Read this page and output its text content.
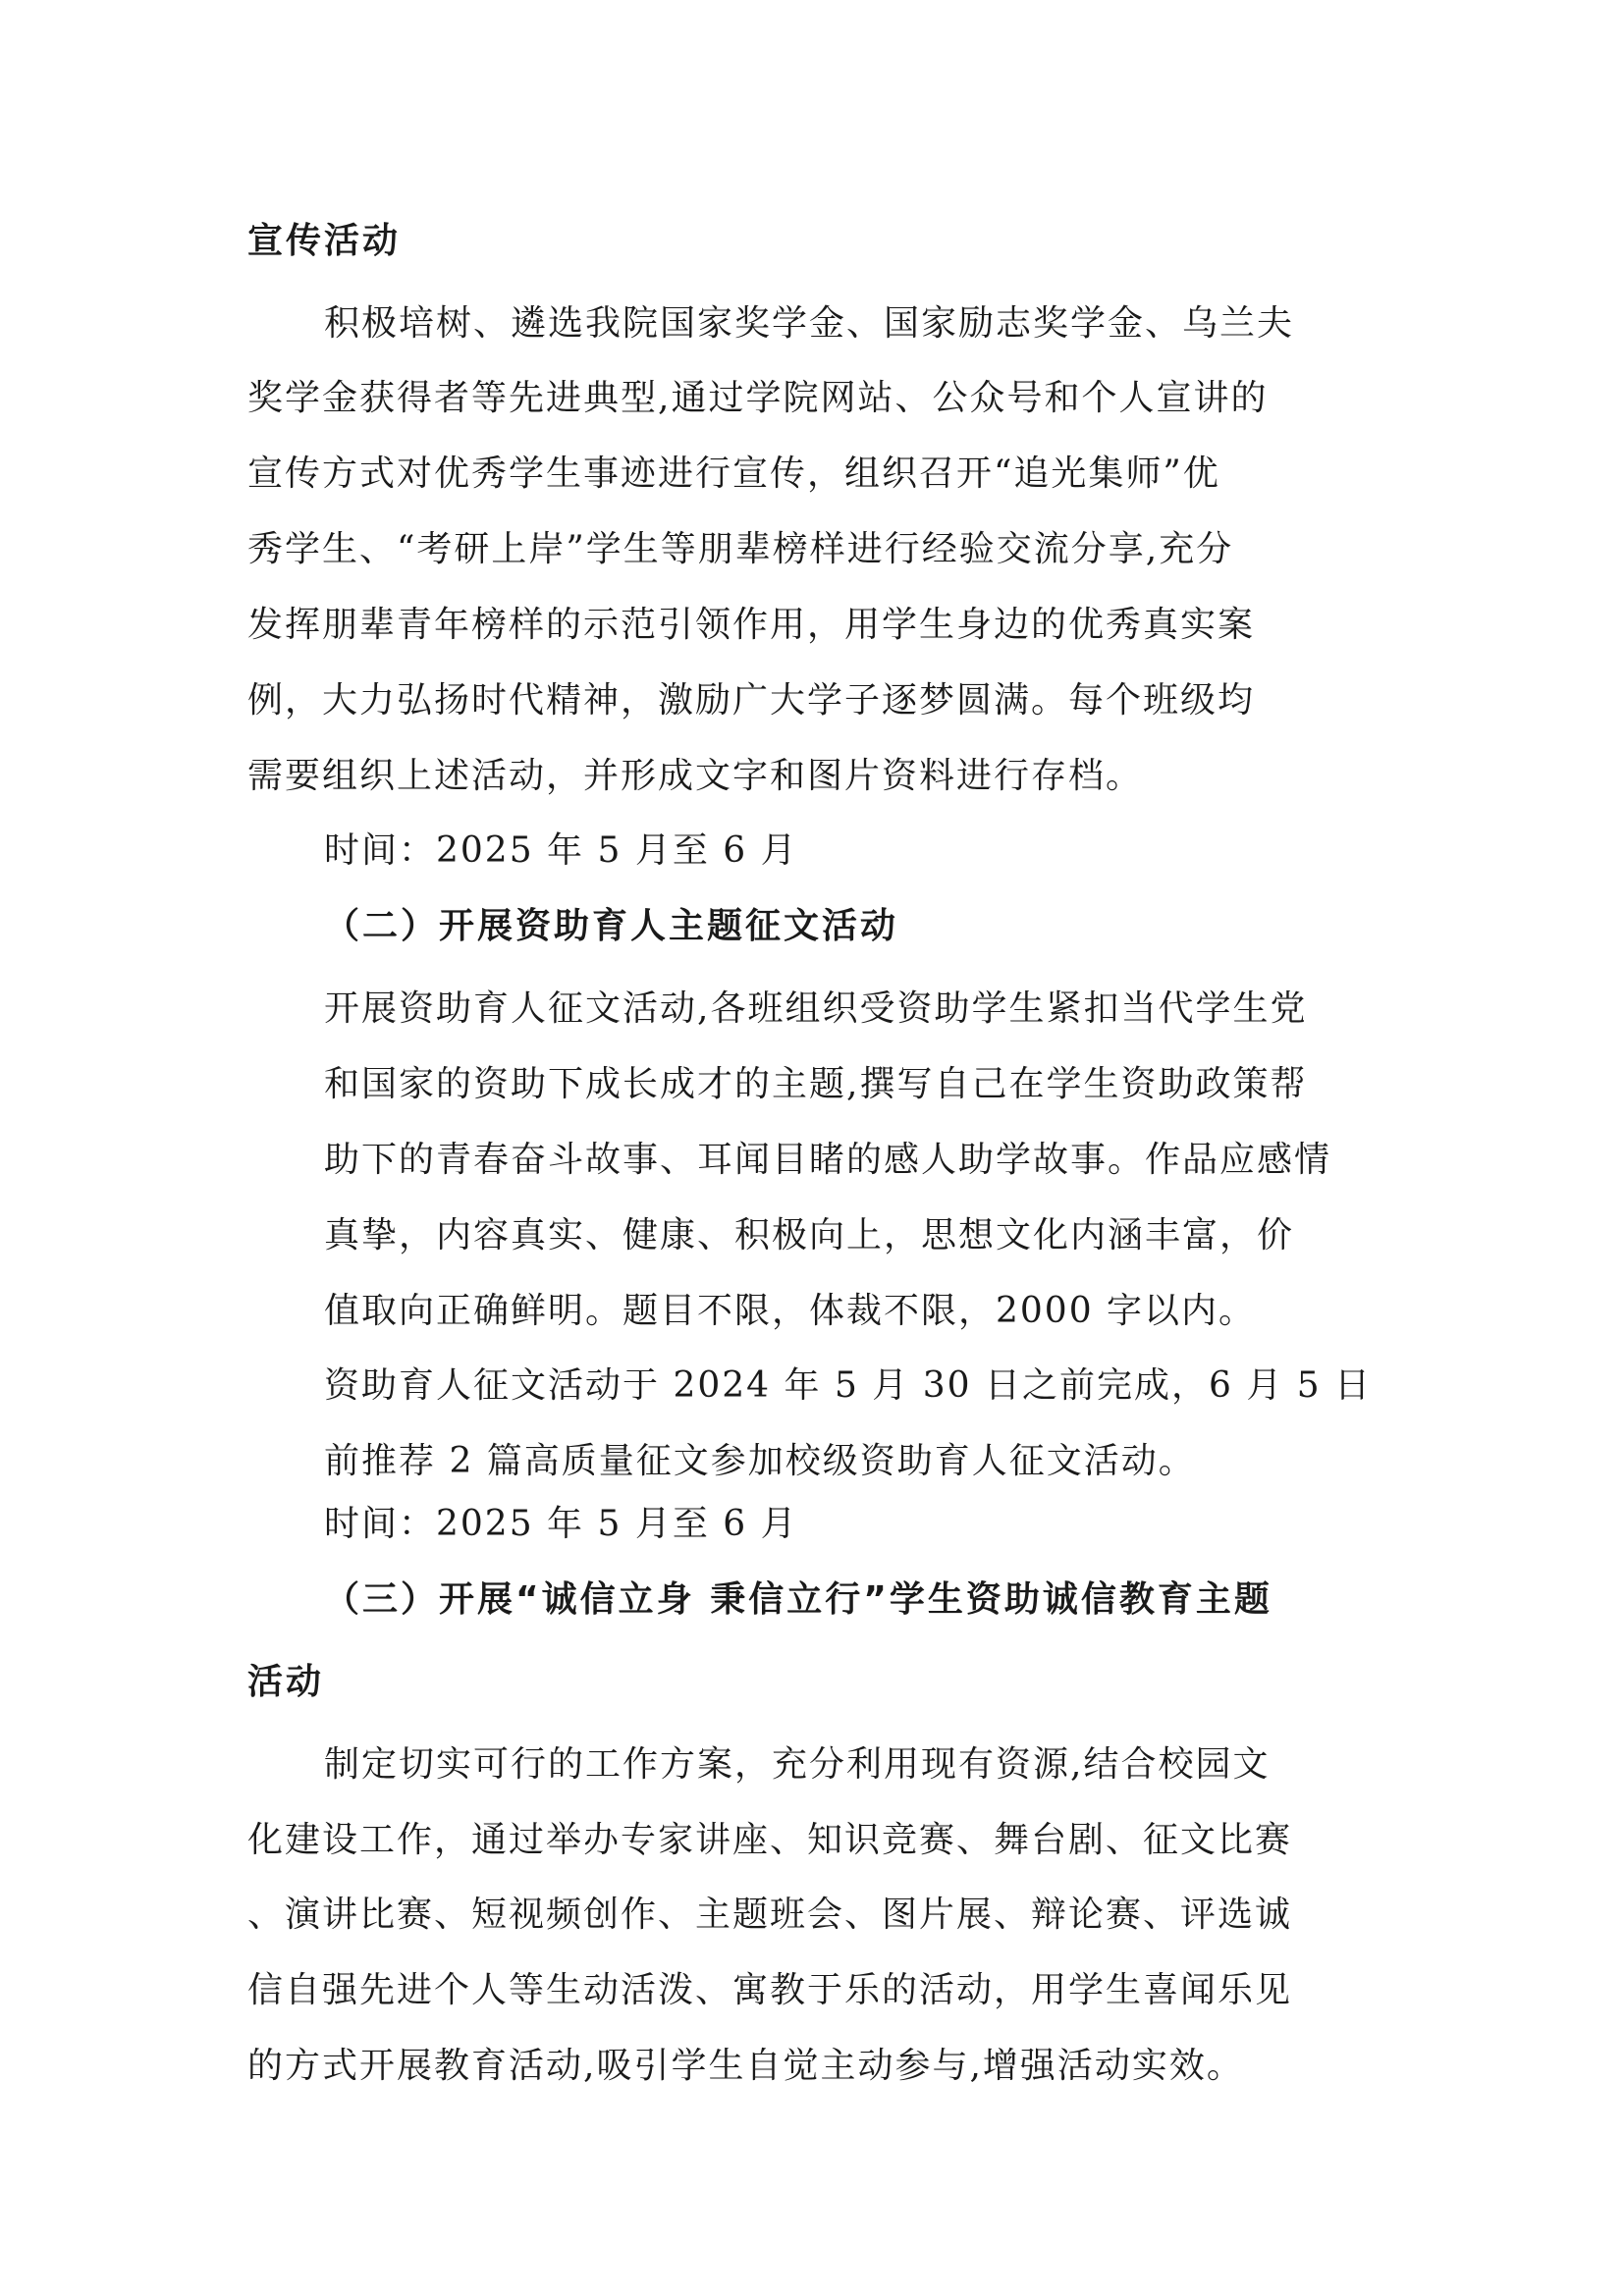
宣传活动
积极培树、遴选我院国家奖学金、国家励志奖学金、乌兰夫
奖学金获得者等先进典型,通过学院网站、公众号和个人宣讲的
宣传方式对优秀学生事迹进行宣传，组织召开“追光集师”优
秀学生、“考研上岸”学生等朋辈榜样进行经验交流分享,充分
发挥朋辈青年榜样的示范引领作用，用学生身边的优秀真实案
例，大力弘扬时代精神，激励广大学子逐梦圆满。每个班级均
需要组织上述活动，并形成文字和图片资料进行存档。
时间：2025 年 5 月至 6 月
（二）开展资助育人主题征文活动
开展资助育人征文活动,各班组织受资助学生紧扣当代学生党
和国家的资助下成长成才的主题,撰写自己在学生资助政策帮
助下的青春奋斗故事、耳闻目睹的感人助学故事。作品应感情
真挚，内容真实、健康、积极向上，思想文化内涵丰富，价
值取向正确鲜明。题目不限，体裁不限，2000 字以内。
资助育人征文活动于 2024 年 5 月 30 日之前完成，6 月 5 日
前推荐 2 篇高质量征文参加校级资助育人征文活动。
时间：2025 年 5 月至 6 月
（三）开展“诚信立身 秉信立行”学生资助诚信教育主题
活动
制定切实可行的工作方案，充分利用现有资源,结合校园文
化建设工作，通过举办专家讲座、知识竞赛、舞台剧、征文比赛
、演讲比赛、短视频创作、主题班会、图片展、辩论赛、评选诚
信自强先进个人等生动活泼、寓教于乐的活动，用学生喜闻乐见
的方式开展教育活动,吸引学生自觉主动参与,增强活动实效。
